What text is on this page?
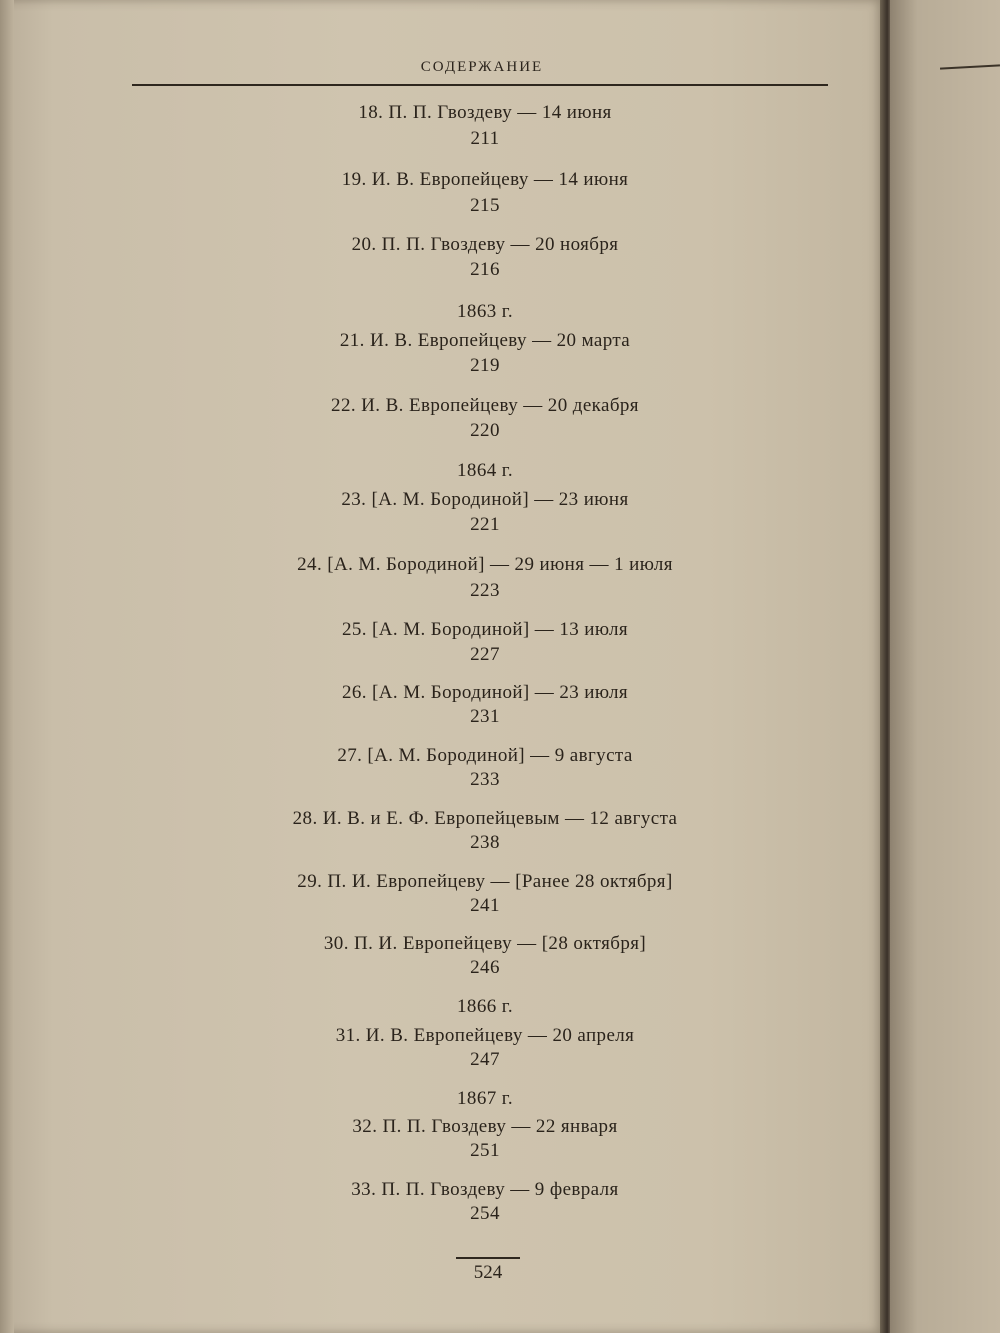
СОДЕРЖАНИЕ
18. П. П. Гвоздеву — 14 июня
211
19. И. В. Европейцеву — 14 июня
215
20. П. П. Гвоздеву — 20 ноября
216
1863 г.
21. И. В. Европейцеву — 20 марта
219
22. И. В. Европейцеву — 20 декабря
220
1864 г.
23. [А. М. Бородиной] — 23 июня
221
24. [А. М. Бородиной] — 29 июня — 1 июля
223
25. [А. М. Бородиной] — 13 июля
227
26. [А. М. Бородиной] — 23 июля
231
27. [А. М. Бородиной] — 9 августа
233
28. И. В. и Е. Ф. Европейцевым — 12 августа
238
29. П. И. Европейцеву — [Ранее 28 октября]
241
30. П. И. Европейцеву — [28 октября]
246
1866 г.
31. И. В. Европейцеву — 20 апреля
247
1867 г.
32. П. П. Гвоздеву — 22 января
251
33. П. П. Гвоздеву — 9 февраля
254
524
